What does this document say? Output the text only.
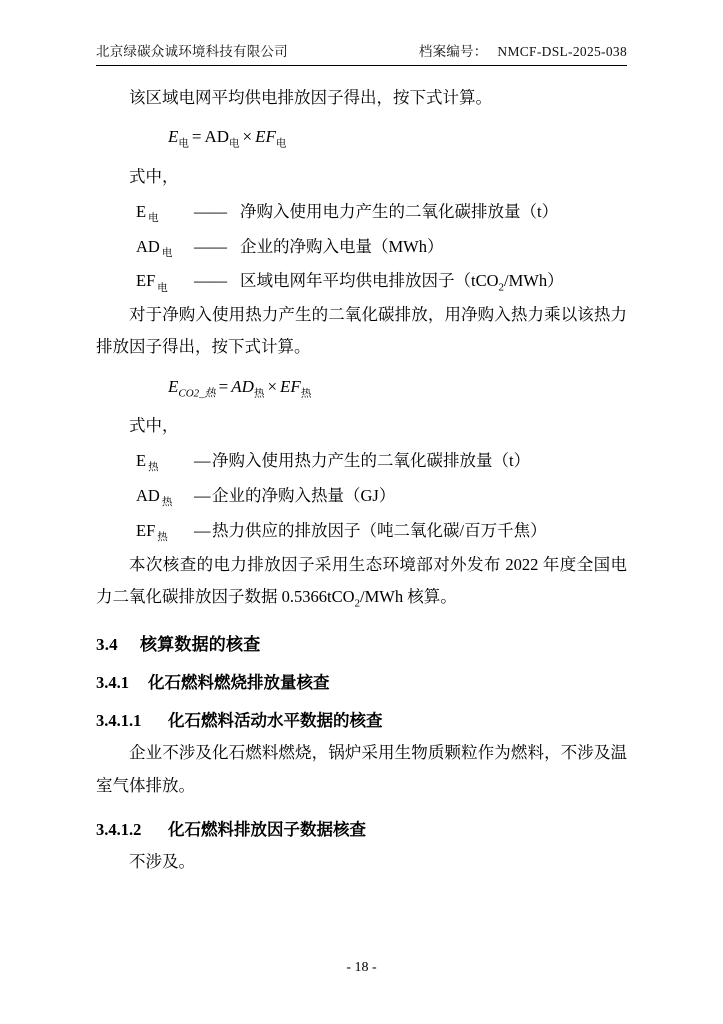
北京绿碳众诚环境科技有限公司	档案编号： NMCF-DSL-2025-038

该区域电网平均供电排放因子得出，按下式计算。

$E_电 = AD_电 \times EF_电$

式中，

E $_电$	—— 净购入使用电力产生的二氧化碳排放量（t）
AD $_电$	—— 企业的净购入电量（MWh）
EF $_电$	—— 区域电网年平均供电排放因子（tCO$_2$/MWh）

对于净购入使用热力产生的二氧化碳排放，用净购入热力乘以该热力排放因子得出，按下式计算。

$E_{CO2\_热} = AD_热 \times EF_热$

式中，

E $_热$	— 净购入使用热力产生的二氧化碳排放量（t）
AD $_热$	— 企业的净购入热量（GJ）
EF $_热$	— 热力供应的排放因子（吨二氧化碳/百万千焦）

本次核查的电力排放因子采用生态环境部对外发布 2022 年度全国电力二氧化碳排放因子数据 0.5366tCO$_2$/MWh 核算。

3.4 核算数据的核查
3.4.1 化石燃料燃烧排放量核查
3.4.1.1 化石燃料活动水平数据的核查

企业不涉及化石燃料燃烧，锅炉采用生物质颗粒作为燃料，不涉及温室气体排放。

3.4.1.2 化石燃料排放因子数据核查

不涉及。

- 18 -
